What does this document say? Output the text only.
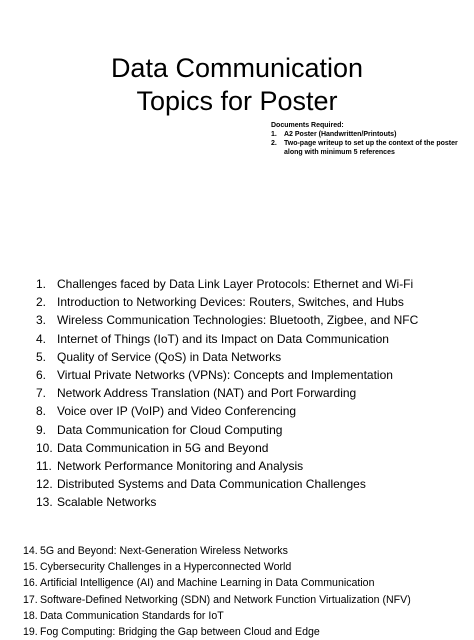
Data Communication
Topics for Poster
Documents Required:
1.	A2 Poster (Handwritten/Printouts)
2.	Two-page writeup to set up the context of the poster along with minimum 5 references
1. Challenges faced by Data Link Layer Protocols: Ethernet and Wi-Fi
2. Introduction to Networking Devices: Routers, Switches, and Hubs
3. Wireless Communication Technologies: Bluetooth, Zigbee, and NFC
4. Internet of Things (IoT) and its Impact on Data Communication
5. Quality of Service (QoS) in Data Networks
6. Virtual Private Networks (VPNs): Concepts and Implementation
7. Network Address Translation (NAT) and Port Forwarding
8. Voice over IP (VoIP) and Video Conferencing
9. Data Communication for Cloud Computing
10. Data Communication in 5G and Beyond
11. Network Performance Monitoring and Analysis
12. Distributed Systems and Data Communication Challenges
13. Scalable Networks
14. 5G and Beyond: Next-Generation Wireless Networks
15. Cybersecurity Challenges in a Hyperconnected World
16. Artificial Intelligence (AI) and Machine Learning in Data Communication
17. Software-Defined Networking (SDN) and Network Function Virtualization (NFV)
18. Data Communication Standards for IoT
19. Fog Computing: Bridging the Gap between Cloud and Edge
